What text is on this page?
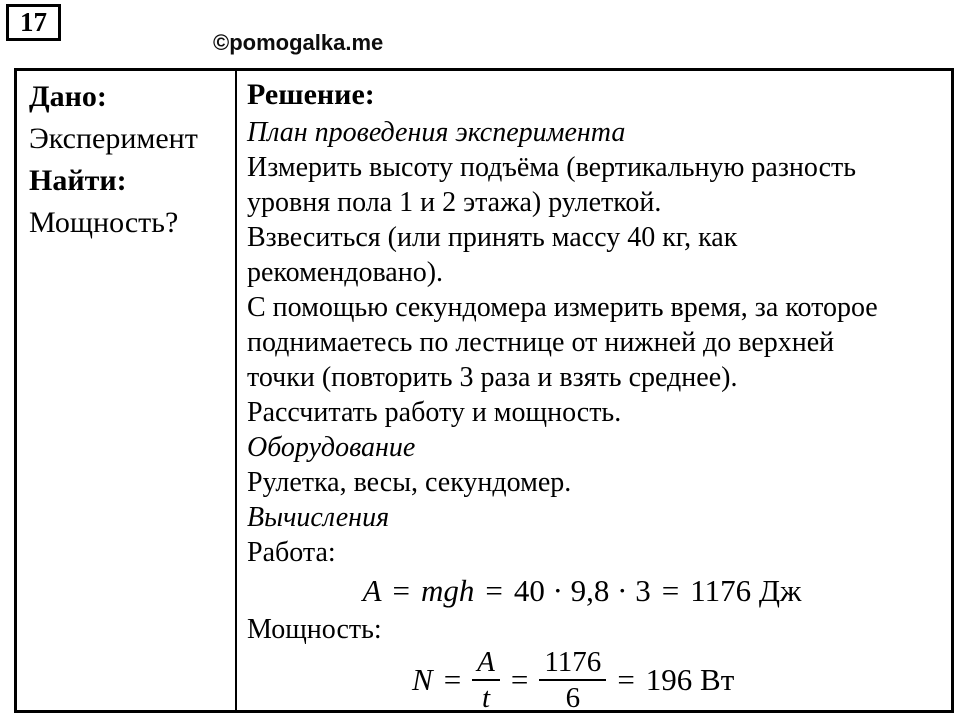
17
©pomogalka.me
Дано:
Эксперимент
Найти:
Мощность?
Решение:
План проведения эксперимента
Измерить высоту подъёма (вертикальную разность
уровня пола 1 и 2 этажа) рулеткой.
Взвеситься (или принять массу 40 кг, как
рекомендовано).
С помощью секундомера измерить время, за которое
поднимаетесь по лестнице от нижней до верхней
точки (повторить 3 раза и взять среднее).
Рассчитать работу и мощность.
Оборудование
Рулетка, весы, секундомер.
Вычисления
Работа:
A = mgh = 40 · 9,8 · 3 = 1176 Дж
Мощность:
$N = \frac{A}{t} = \frac{1176}{6} = 196$ Вт
